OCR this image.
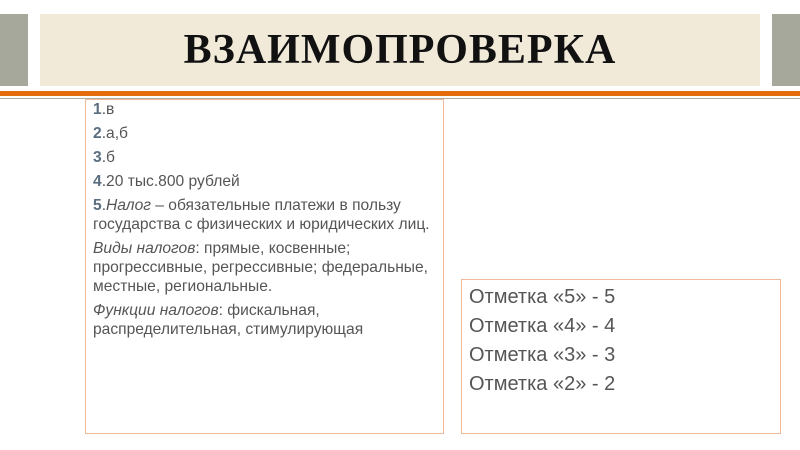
ВЗАИМОПРОВЕРКА

1.в

2.а,б

3.б

4.20 тыс.800 рублей

5.Налог – обязательные платежи в пользу государства с физических и юридических лиц.

Виды налогов: прямые, косвенные; прогрессивные, регрессивные; федеральные, местные, региональные.

Функции налогов: фискальная, распределительная, стимулирующая

Отметка «5» - 5
Отметка «4» - 4
Отметка «3» - 3
Отметка «2» - 2
